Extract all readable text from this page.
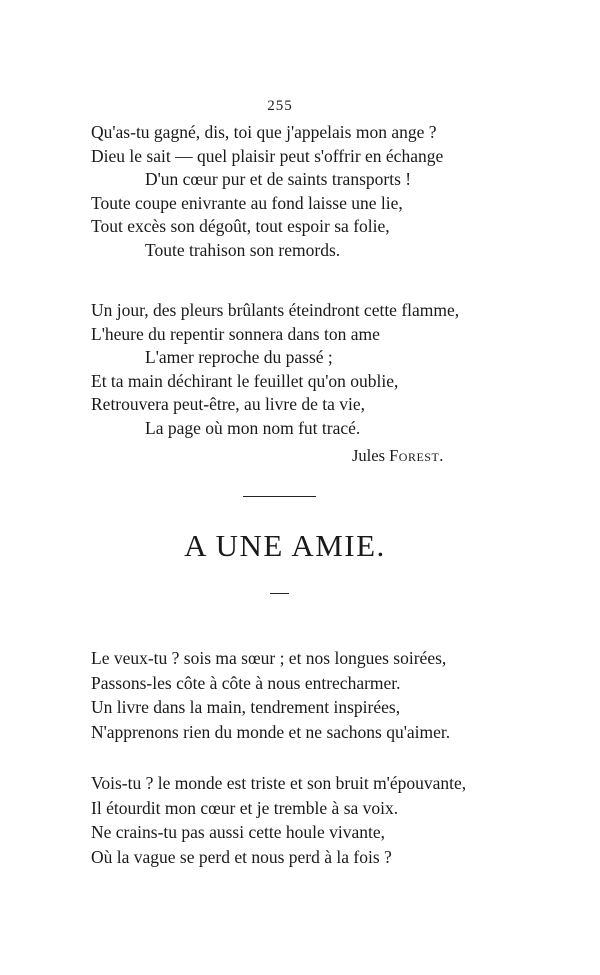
255
Qu'as-tu gagné, dis, toi que j'appelais mon ange ?
Dieu le sait — quel plaisir peut s'offrir en échange
D'un cœur pur et de saints transports !
Toute coupe enivrante au fond laisse une lie,
Tout excès son dégoût, tout espoir sa folie,
Toute trahison son remords.
Un jour, des pleurs brûlants éteindront cette flamme,
L'heure du repentir sonnera dans ton ame
L'amer reproche du passé ;
Et ta main déchirant le feuillet qu'on oublie,
Retrouvera peut-être, au livre de ta vie,
La page où mon nom fut tracé.
Jules Forest.
A UNE AMIE.
Le veux-tu ? sois ma sœur ; et nos longues soirées,
Passons-les côte à côte à nous entrecharmer.
Un livre dans la main, tendrement inspirées,
N'apprenons rien du monde et ne sachons qu'aimer.
Vois-tu ? le monde est triste et son bruit m'épouvante,
Il étourdit mon cœur et je tremble à sa voix.
Ne crains-tu pas aussi cette houle vivante,
Où la vague se perd et nous perd à la fois ?
